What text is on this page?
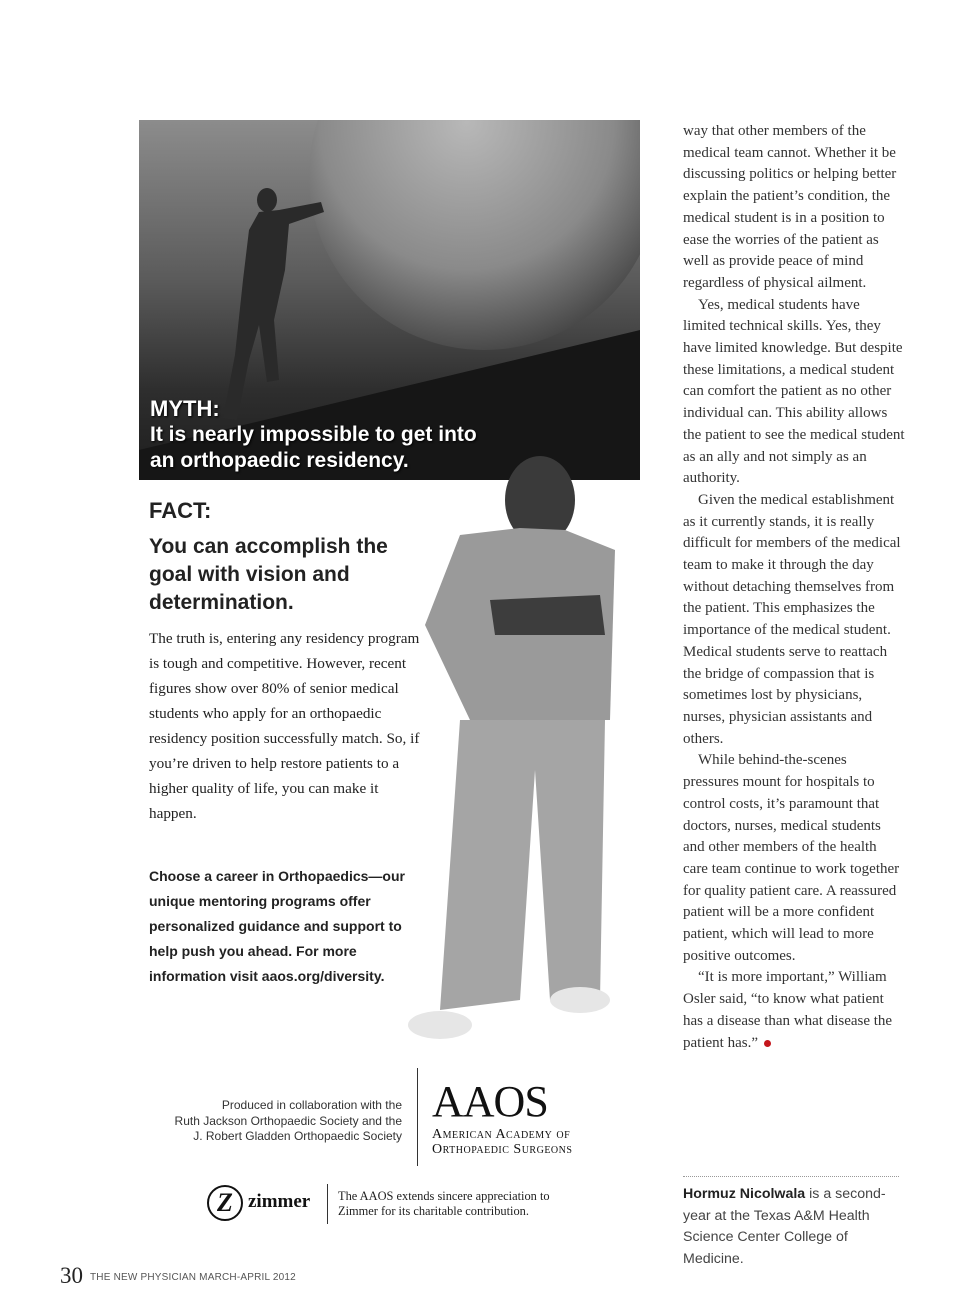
MYTH:
It is nearly impossible to get into an orthopaedic residency.
FACT:
You can accomplish the goal with vision and determination.
The truth is, entering any residency program is tough and competitive. However, recent figures show over 80% of senior medical students who apply for an orthopaedic residency position successfully match. So, if you’re driven to help restore patients to a higher quality of life, you can make it happen.
Choose a career in Orthopaedics—our unique mentoring programs offer personalized guidance and support to help push you ahead. For more information visit aaos.org/diversity.
Produced in collaboration with the
Ruth Jackson Orthopaedic Society and the
J. Robert Gladden Orthopaedic Society
AAOS
American Academy of
Orthopaedic Surgeons
Z zimmer The AAOS extends sincere appreciation to Zimmer for its charitable contribution.
30 THE NEW PHYSICIAN MARCH-APRIL 2012

way that other members of the medical team cannot. Whether it be discussing politics or helping better explain the patient’s condition, the medical student is in a position to ease the worries of the patient as well as provide peace of mind regardless of physical ailment.

Yes, medical students have limited technical skills. Yes, they have limited knowledge. But despite these limitations, a medical student can comfort the patient as no other individual can. This ability allows the patient to see the medical student as an ally and not simply as an authority.

Given the medical establishment as it currently stands, it is really difficult for members of the medical team to make it through the day without detaching themselves from the patient. This emphasizes the importance of the medical student. Medical students serve to reattach the bridge of compassion that is sometimes lost by physicians, nurses, physician assistants and others.

While behind-the-scenes pressures mount for hospitals to control costs, it’s paramount that doctors, nurses, medical students and other members of the health care team continue to work together for quality patient care. A reassured patient will be a more confident patient, which will lead to more positive outcomes.

“It is more important,” William Osler said, “to know what patient has a disease than what disease the patient has.”

Hormuz Nicolwala is a second-year at the Texas A&M Health Science Center College of Medicine.
